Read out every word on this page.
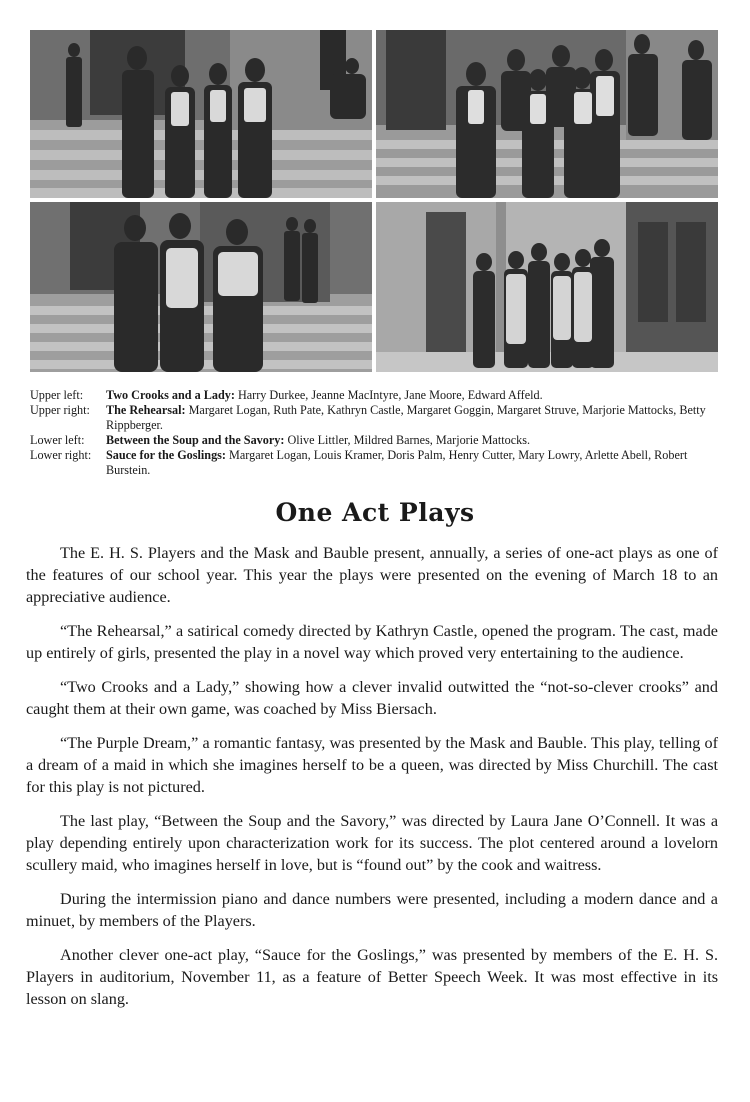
Upper left: Two Crooks and a Lady: Harry Durkee, Jeanne MacIntyre, Jane Moore, Edward Affeld.

Upper right: The Rehearsal: Margaret Logan, Ruth Pate, Kathryn Castle, Margaret Goggin, Margaret Struve, Marjorie Mattocks, Betty Rippberger.

Lower left: Between the Soup and the Savory: Olive Littler, Mildred Barnes, Marjorie Mattocks.

Lower right: Sauce for the Goslings: Margaret Logan, Louis Kramer, Doris Palm, Henry Cutter, Mary Lowry, Arlette Abell, Robert Burstein.

One Act Plays

The E. H. S. Players and the Mask and Bauble present, annually, a series of one-act plays as one of the features of our school year. This year the plays were presented on the evening of March 18 to an appreciative audience.

“The Rehearsal,” a satirical comedy directed by Kathryn Castle, opened the program. The cast, made up entirely of girls, presented the play in a novel way which proved very entertaining to the audience.

“Two Crooks and a Lady,” showing how a clever invalid outwitted the “not-so-clever crooks” and caught them at their own game, was coached by Miss Biersach.

“The Purple Dream,” a romantic fantasy, was presented by the Mask and Bauble. This play, telling of a dream of a maid in which she imagines herself to be a queen, was directed by Miss Churchill. The cast for this play is not pictured.

The last play, “Between the Soup and the Savory,” was directed by Laura Jane O’Connell. It was a play depending entirely upon characterization work for its success. The plot centered around a lovelorn scullery maid, who imagines herself in love, but is “found out” by the cook and waitress.

During the intermission piano and dance numbers were presented, including a modern dance and a minuet, by members of the Players.

Another clever one-act play, “Sauce for the Goslings,” was presented by members of the E. H. S. Players in auditorium, November 11, as a feature of Better Speech Week. It was most effective in its lesson on slang.
